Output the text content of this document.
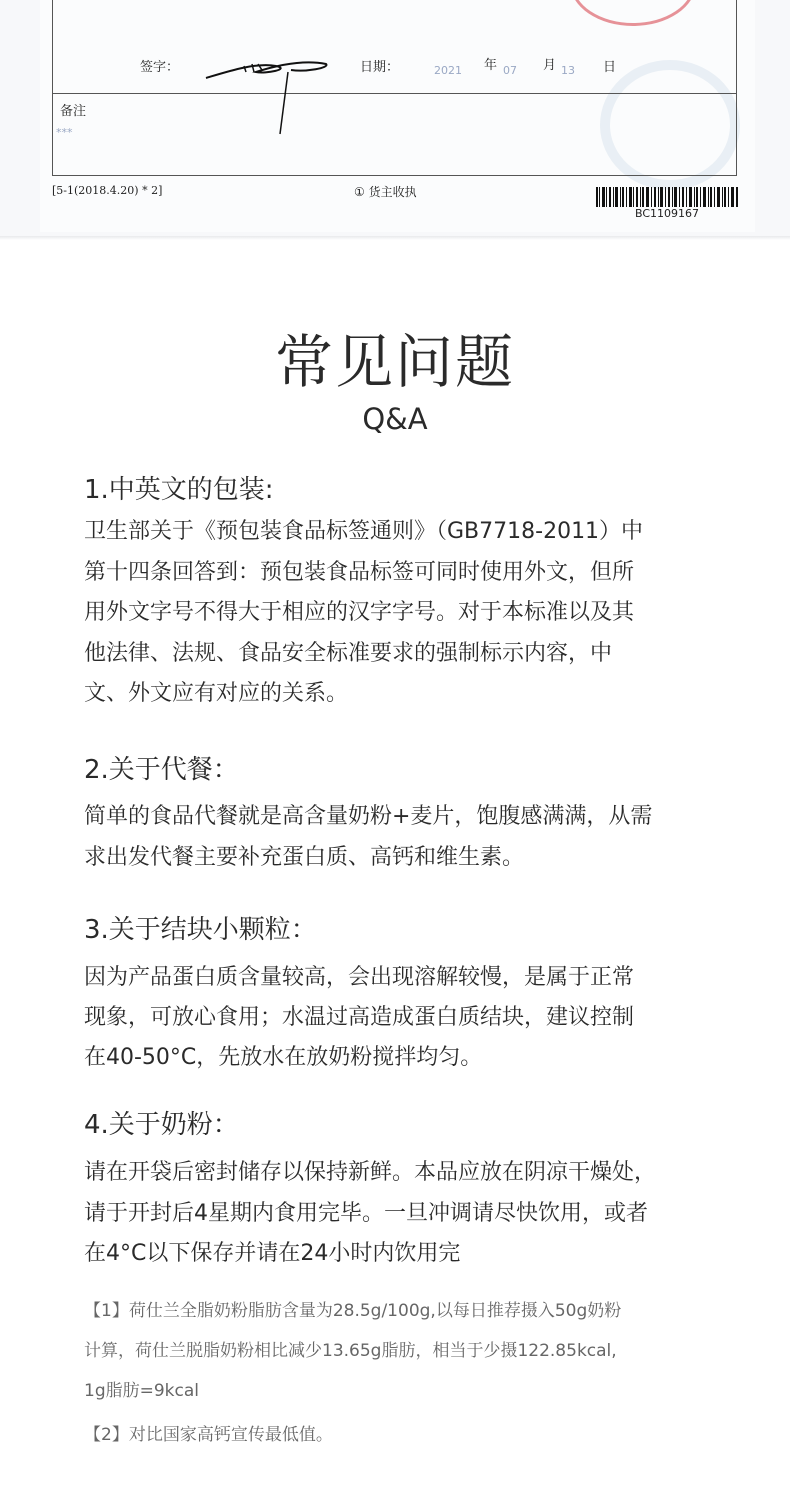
签字：	日期：	2021 年 07 月 13 日
备注
***
[5-1(2018.4.20) * 2]	① 货主收执
BC1109167
常见问题
Q&A
1.中英文的包装:
卫生部关于《预包装食品标签通则》（GB7718-2011）中
第十四条回答到：预包装食品标签可同时使用外文，但所
用外文字号不得大于相应的汉字字号。对于本标准以及其
他法律、法规、食品安全标准要求的强制标示内容，中
文、外文应有对应的关系。
2.关于代餐：
简单的食品代餐就是高含量奶粉+麦片，饱腹感满满，从需
求出发代餐主要补充蛋白质、高钙和维生素。
3.关于结块小颗粒：
因为产品蛋白质含量较高，会出现溶解较慢，是属于正常
现象，可放心食用；水温过高造成蛋白质结块，建议控制
在40-50°C，先放水在放奶粉搅拌均匀。
4.关于奶粉：
请在开袋后密封储存以保持新鲜。本品应放在阴凉干燥处，
请于开封后4星期内食用完毕。一旦冲调请尽快饮用，或者
在4°C以下保存并请在24小时内饮用完
【1】荷仕兰全脂奶粉脂肪含量为28.5g/100g,以每日推荐摄入50g奶粉
计算，荷仕兰脱脂奶粉相比减少13.65g脂肪，相当于少摄122.85kcal,
1g脂肪=9kcal
【2】对比国家高钙宣传最低值。
